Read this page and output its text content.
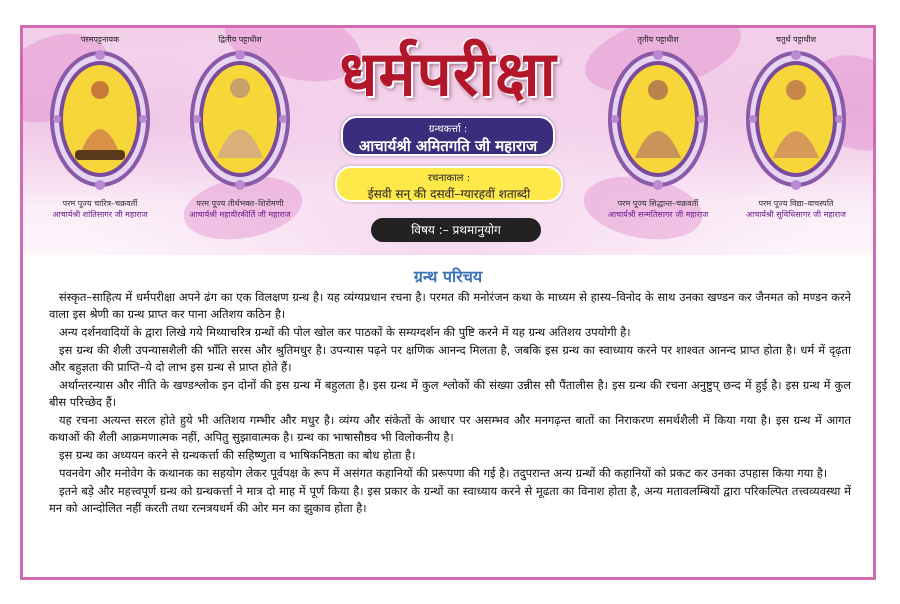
धर्मपरीक्षा
ग्रन्थकर्त्ता :
आचार्यश्री अमितगति जी महाराज
रचनाकाल :
ईसवी सन् की दसवीं–ग्यारहवीं शताब्दी
विषय :– प्रथमानुयोग
परमपट्टनायक
परम पूज्य चारित्र–चक्रवर्ती
आचार्यश्री शांतिसागर जी महाराज
द्वितीय पट्टाधीश
परम पूज्य तीर्थभक्त–शिरोमणी
आचार्यश्री महावीरकीर्ति जी महाराज
तृतीय पट्टाधीश
परम पूज्य सिद्धान्त–चक्रवर्ती
आचार्यश्री सन्मतिसागर जी महाराज
चतुर्थ पट्टाधीश
परम पूज्य विद्या–वाचस्पति
आचार्यश्री सुविधिसागर जी महाराज
ग्रन्थ परिचय

संस्कृत–साहित्य में धर्मपरीक्षा अपने ढंग का एक विलक्षण ग्रन्थ है। यह व्यंग्यप्रधान रचना है। परमत की मनोरंजन कथा के माध्यम से हास्य–विनोद के साथ उनका खण्डन कर जैनमत को मण्डन करने वाला इस श्रेणी का ग्रन्थ प्राप्त कर पाना अतिशय कठिन है।

अन्य दर्शनवादियों के द्वारा लिखे गये मिथ्याचरित्र ग्रन्थों की पोल खोल कर पाठकों के सम्यग्दर्शन की पुष्टि करने में यह ग्रन्थ अतिशय उपयोगी है।

इस ग्रन्थ की शैली उपन्यासशैली की भाँति सरस और श्रुतिमधुर है। उपन्यास पढ़ने पर क्षणिक आनन्द मिलता है, जबकि इस ग्रन्थ का स्वाध्याय करने पर शाश्वत आनन्द प्राप्त होता है। धर्म में दृढ़ता और बहुज्ञता की प्राप्ति–ये दो लाभ इस ग्रन्थ से प्राप्त होते हैं।

अर्थान्तरन्यास और नीति के खण्डश्लोक इन दोनों की इस ग्रन्थ में बहुलता है। इस ग्रन्थ में कुल श्लोकों की संख्या उन्नीस सौ पैंतालीस है। इस ग्रन्थ की रचना अनुष्टुप् छन्द में हुई है। इस ग्रन्थ में कुल बीस परिच्छेद हैं।

यह रचना अत्यन्त सरल होते हुये भी अतिशय गम्भीर और मधुर है। व्यंग्य और संकेतों के आधार पर असम्भव और मनगढ़न्त बातों का निराकरण समर्थशैली में किया गया है। इस ग्रन्थ में आगत कथाओं की शैली आक्रमणात्मक नहीं, अपितु सुझावात्मक है। ग्रन्थ का भाषासौष्ठव भी विलोकनीय है।

इस ग्रन्थ का अध्ययन करने से ग्रन्थकर्त्ता की सहिष्णुता व भाषिकनिष्ठता का बोध होता है।

पवनवेग और मनोवेग के कथानक का सहयोग लेकर पूर्वपक्ष के रूप में असंगत कहानियों की प्ररूपणा की गई है। तदुपरान्त अन्य ग्रन्थों की कहानियों को प्रकट कर उनका उपहास किया गया है।

इतने बड़े और महत्त्वपूर्ण ग्रन्थ को ग्रन्थकर्त्ता ने मात्र दो माह में पूर्ण किया है। इस प्रकार के ग्रन्थों का स्वाध्याय करने से मूढता का विनाश होता है, अन्य मतावलम्बियों द्वारा परिकल्पित तत्त्वव्यवस्था में मन को आन्दोलित नहीं करती तथा रत्नत्रयधर्म की ओर मन का झुकाव होता है।
